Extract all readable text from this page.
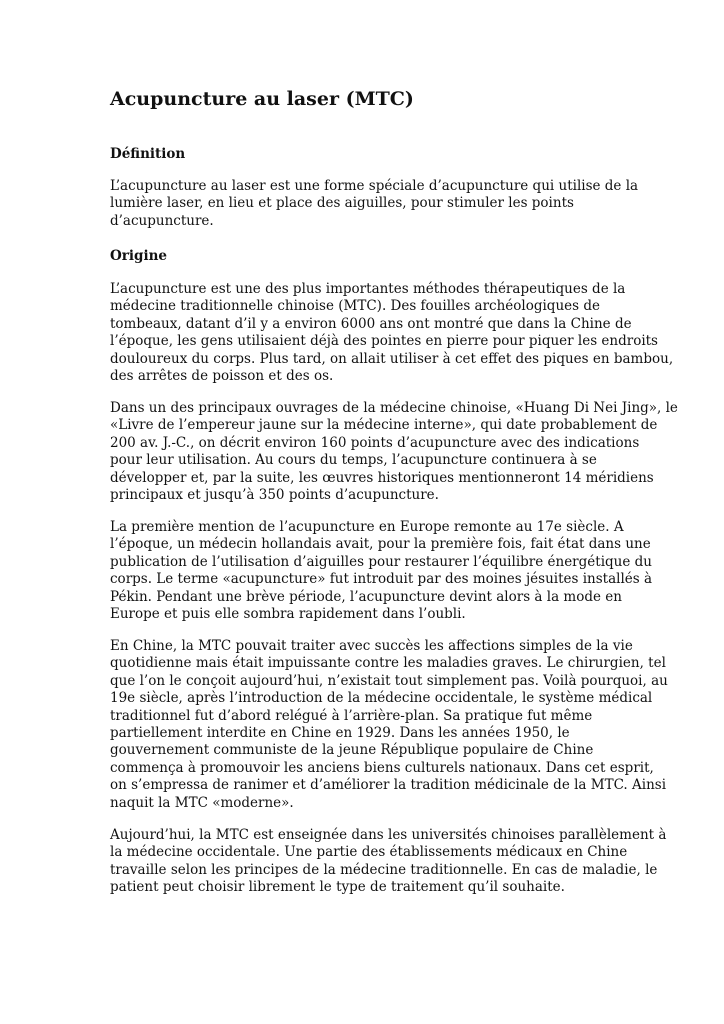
Acupuncture au laser (MTC)
Définition

L’acupuncture au laser est une forme spéciale d’acupuncture qui utilise de la
lumière laser, en lieu et place des aiguilles, pour stimuler les points
d’acupuncture.

Origine

L’acupuncture est une des plus importantes méthodes thérapeutiques de la
médecine traditionnelle chinoise (MTC). Des fouilles archéologiques de
tombeaux, datant d’il y a environ 6000 ans ont montré que dans la Chine de
l’époque, les gens utilisaient déjà des pointes en pierre pour piquer les endroits
douloureux du corps. Plus tard, on allait utiliser à cet effet des piques en bambou,
des arrêtes de poisson et des os.

Dans un des principaux ouvrages de la médecine chinoise, «Huang Di Nei Jing», le
«Livre de l’empereur jaune sur la médecine interne», qui date probablement de
200 av. J.-C., on décrit environ 160 points d’acupuncture avec des indications
pour leur utilisation. Au cours du temps, l’acupuncture continuera à se
développer et, par la suite, les œuvres historiques mentionneront 14 méridiens
principaux et jusqu’à 350 points d’acupuncture.

La première mention de l’acupuncture en Europe remonte au 17e siècle. A
l’époque, un médecin hollandais avait, pour la première fois, fait état dans une
publication de l’utilisation d’aiguilles pour restaurer l’équilibre énergétique du
corps. Le terme «acupuncture» fut introduit par des moines jésuites installés à
Pékin. Pendant une brève période, l’acupuncture devint alors à la mode en
Europe et puis elle sombra rapidement dans l’oubli.

En Chine, la MTC pouvait traiter avec succès les affections simples de la vie
quotidienne mais était impuissante contre les maladies graves. Le chirurgien, tel
que l’on le conçoit aujourd’hui, n’existait tout simplement pas. Voilà pourquoi, au
19e siècle, après l’introduction de la médecine occidentale, le système médical
traditionnel fut d’abord relégué à l’arrière-plan. Sa pratique fut même
partiellement interdite en Chine en 1929. Dans les années 1950, le
gouvernement communiste de la jeune République populaire de Chine
commença à promouvoir les anciens biens culturels nationaux. Dans cet esprit,
on s’empressa de ranimer et d’améliorer la tradition médicinale de la MTC. Ainsi
naquit la MTC «moderne».

Aujourd’hui, la MTC est enseignée dans les universités chinoises parallèlement à
la médecine occidentale. Une partie des établissements médicaux en Chine
travaille selon les principes de la médecine traditionnelle. En cas de maladie, le
patient peut choisir librement le type de traitement qu’il souhaite.
